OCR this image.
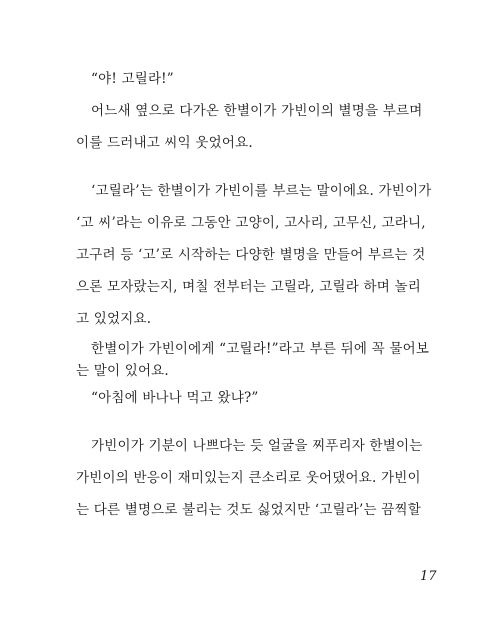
“야! 고릴라!”
어느새 옆으로 다가온 한별이가 가빈이의 별명을 부르며
이를 드러내고 씨익 웃었어요.
‘고릴라’는 한별이가 가빈이를 부르는 말이에요. 가빈이가
‘고 씨’라는 이유로 그동안 고양이, 고사리, 고무신, 고라니,
고구려 등 ‘고’로 시작하는 다양한 별명을 만들어 부르는 것
으론 모자랐는지, 며칠 전부터는 고릴라, 고릴라 하며 놀리
고 있었지요.
한별이가 가빈이에게 “고릴라!”라고 부른 뒤에 꼭 물어보
는 말이 있어요.
“아침에 바나나 먹고 왔냐?”
가빈이가 기분이 나쁘다는 듯 얼굴을 찌푸리자 한별이는
가빈이의 반응이 재미있는지 큰소리로 웃어댔어요. 가빈이
는 다른 별명으로 불리는 것도 싫었지만 ‘고릴라’는 끔찍할
17
